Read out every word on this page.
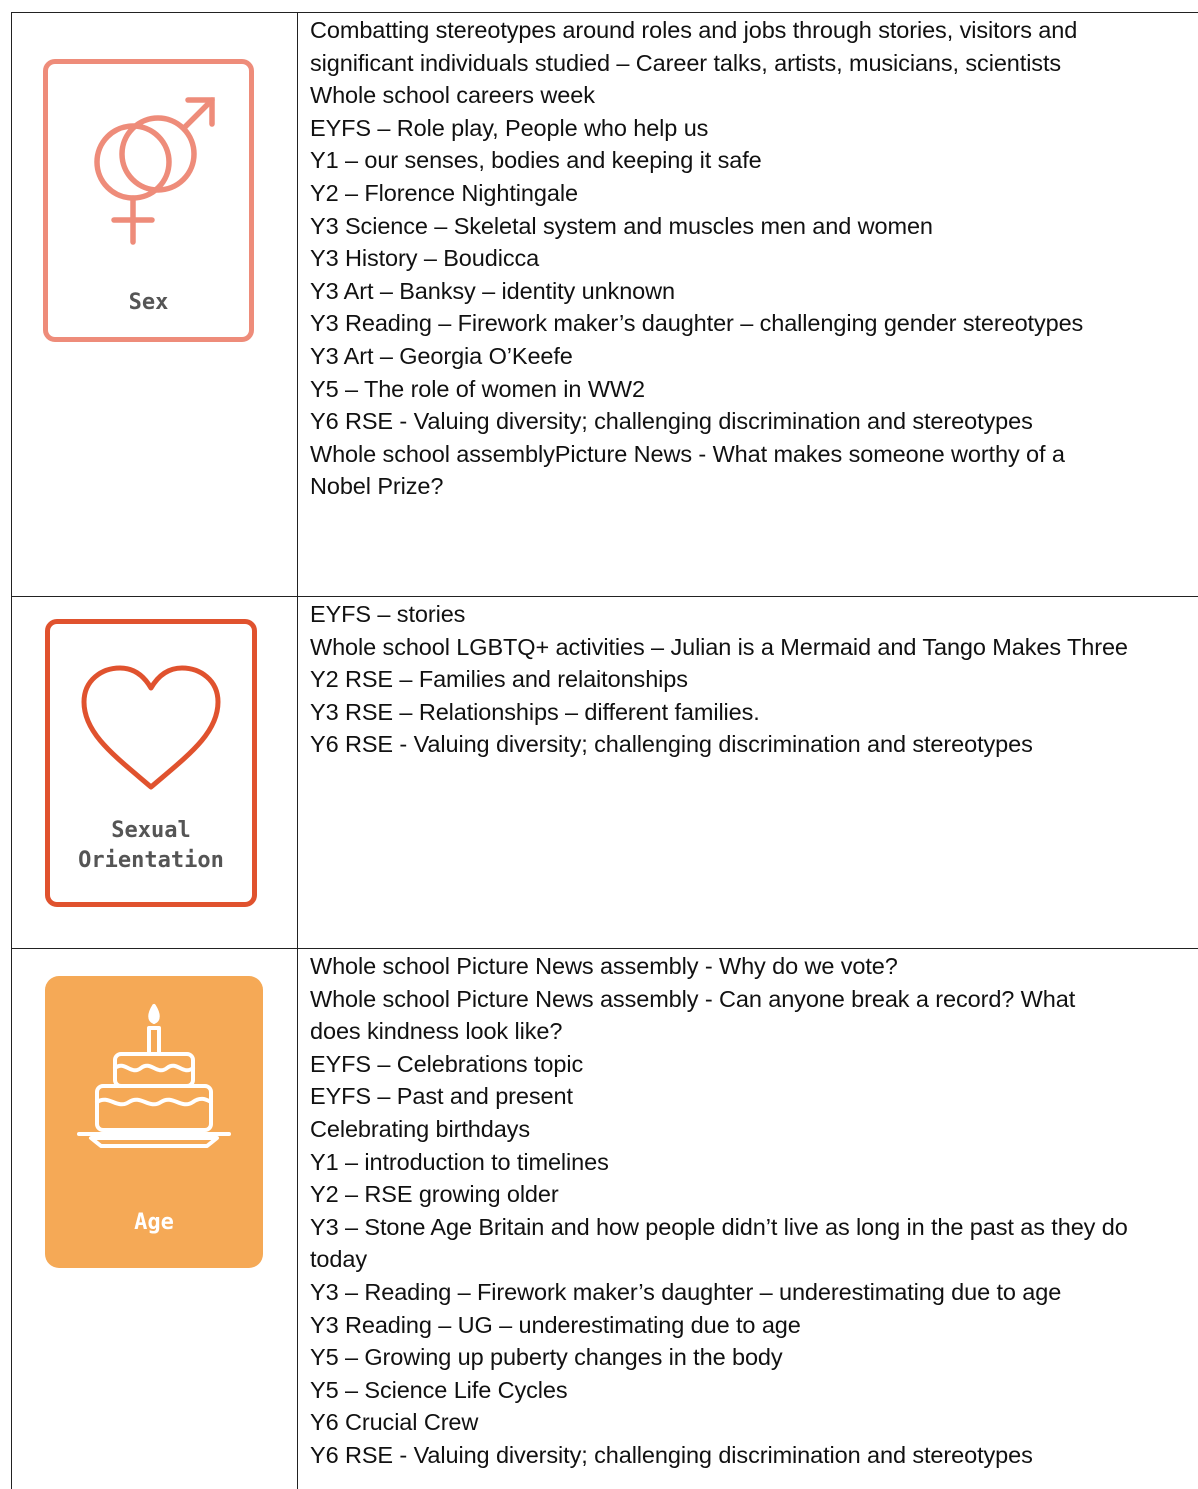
Sex
Combatting stereotypes around roles and jobs through stories, visitors and
significant individuals studied – Career talks, artists, musicians, scientists
Whole school careers week
EYFS – Role play, People who help us
Y1 – our senses, bodies and keeping it safe
Y2 – Florence Nightingale
Y3 Science – Skeletal system and muscles men and women
Y3 History – Boudicca
Y3 Art – Banksy – identity unknown
Y3 Reading – Firework maker’s daughter – challenging gender stereotypes
Y3 Art – Georgia O’Keefe
Y5 – The role of women in WW2
Y6 RSE - Valuing diversity; challenging discrimination and stereotypes
Whole school assemblyPicture News - What makes someone worthy of a
Nobel Prize?
Sexual
Orientation
EYFS – stories
Whole school LGBTQ+ activities – Julian is a Mermaid and Tango Makes Three
Y2 RSE – Families and relaitonships
Y3 RSE – Relationships – different families.
Y6 RSE - Valuing diversity; challenging discrimination and stereotypes
Age
Whole school Picture News assembly - Why do we vote?
Whole school Picture News assembly - Can anyone break a record? What
does kindness look like?
EYFS – Celebrations topic
EYFS – Past and present
Celebrating birthdays
Y1 – introduction to timelines
Y2 – RSE growing older
Y3 – Stone Age Britain and how people didn’t live as long in the past as they do
today
Y3 – Reading – Firework maker’s daughter – underestimating due to age
Y3 Reading – UG – underestimating due to age
Y5 – Growing up puberty changes in the body
Y5 – Science Life Cycles
Y6 Crucial Crew
Y6 RSE - Valuing diversity; challenging discrimination and stereotypes
